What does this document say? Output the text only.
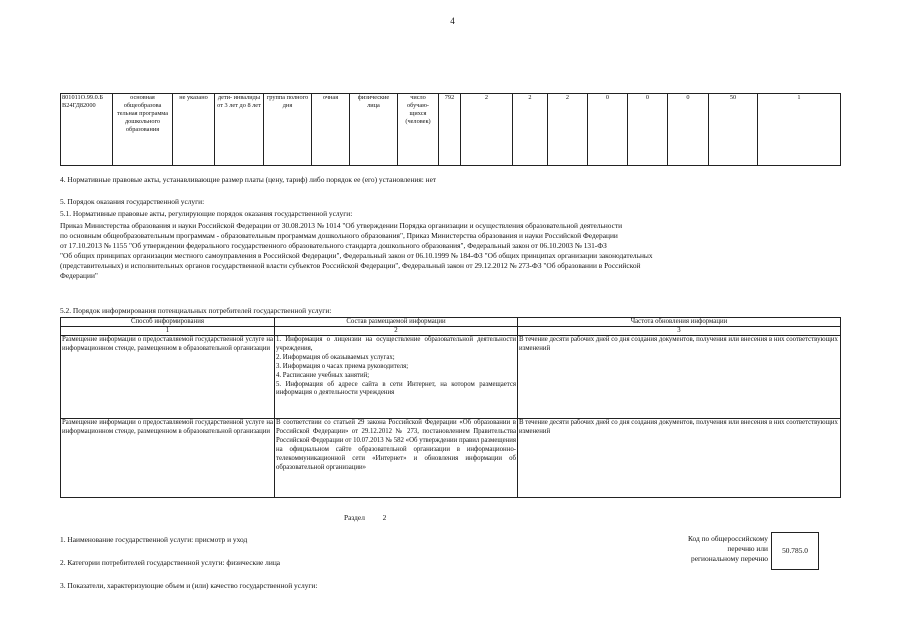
4
801011О.99.0.Б В24ГД82000	основная общеобразова тельная программа дошкольного образования	не указано	дети- инвалиды от 3 лет до 8 лет	группа полного дня	очная	физические лица	число обучаю- щихся (человек)	792	2	2	2	0	0	0	50	1
4. Нормативные правовые акты, устанавливающие размер платы (цену, тариф) либо порядок ее (его) установления: нет
5. Порядок оказания государственной услуги:
5.1. Нормативные правовые акты, регулирующие порядок оказания государственной услуги:
Приказ Министерства образования и науки Российской Федерации от 30.08.2013 № 1014 "Об утверждении Порядка организации и осуществления образовательной деятельности
по основным общеобразовательным программам - образовательным программам дошкольного образования", Приказ Министерства образования и науки Российской Федерации
от 17.10.2013 № 1155 "Об утверждении федерального государственного образовательного стандарта дошкольного образования", Федеральный закон от 06.10.2003 № 131-ФЗ
"Об общих принципах организации местного самоуправления в Российской Федерации", Федеральный закон от 06.10.1999 № 184-ФЗ "Об общих принципах организации законодательных
(представительных) и исполнительных органов государственной власти субъектов Российской Федерации", Федеральный закон от 29.12.2012 № 273-ФЗ "Об образовании в Российской
Федерации"
5.2. Порядок информирования потенциальных потребителей государственной услуги:
Способ информирования	Состав размещаемой информации	Частота обновления информации
1	2	3
Размещение информации о предоставляемой государственной услуге на информационном стенде, размещенном в образовательной организации	1. Информация о лицензии на осуществление образовательной деятельности учреждения,
2. Информация об оказываемых услугах;
3. Информация о часах приема руководителя;
4. Расписание учебных занятий;
5. Информация об адресе сайта в сети Интернет, на котором размещается информация о деятельности учреждения	В течение десяти рабочих дней со дня создания документов, получения или внесения в них соответствующих изменений
Размещение информации о предоставляемой государственной услуге на информационном стенде, размещенном в образовательной организации	В соответствии со статьей 29 закона Российской Федерации «Об образовании в Российской Федерации» от 29.12.2012 № 273, постановлением Правительства Российской Федерации от 10.07.2013 № 582 «Об утверждении правил размещения на официальном сайте образовательной организации в информационно-телекоммуникационной сети «Интернет» и обновления информации об образовательной организации»	В течение десяти рабочих дней со дня создания документов, получения или внесения в них соответствующих изменений
Раздел 2
1. Наименование государственной услуги: присмотр и уход
2. Категории потребителей государственной услуги: физические лица
3. Показатели, характеризующие объем и (или) качество государственной услуги:
Код по общероссийскому
перечню или
региональному перечню
50.785.0
